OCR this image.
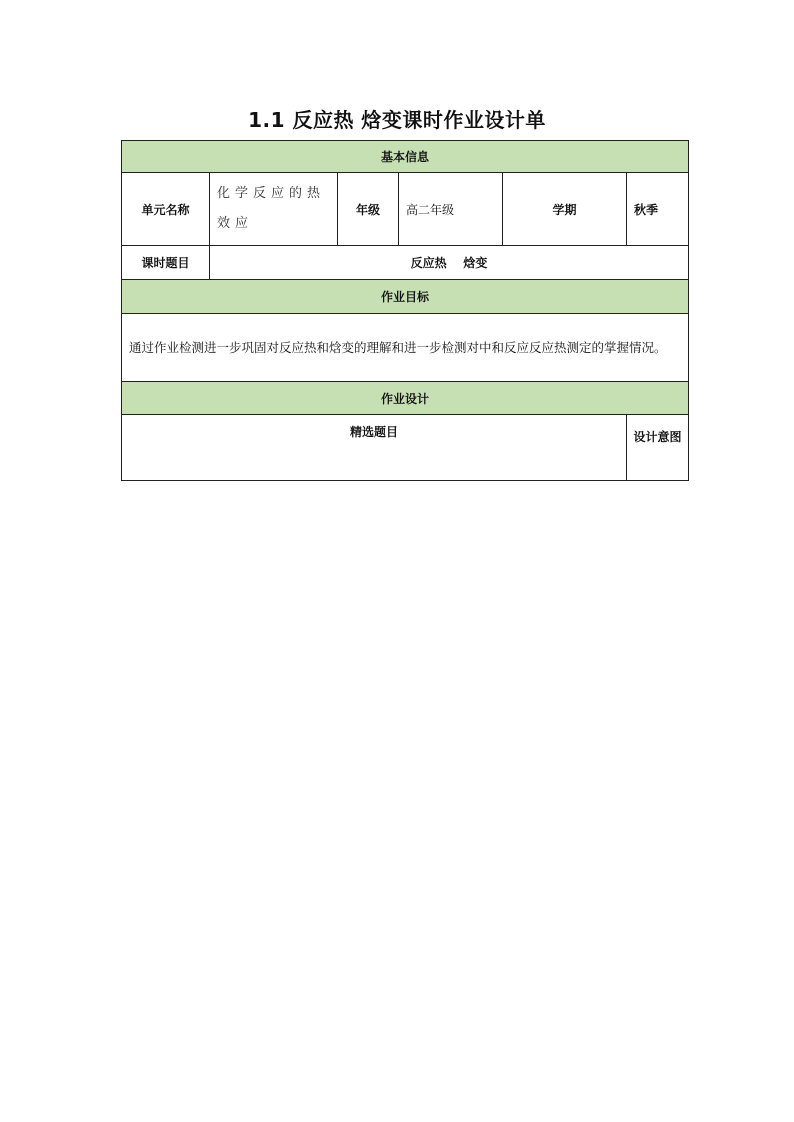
1.1 反应热 焓变课时作业设计单
基本信息					
单元名称	化学反应的热效应	年级	高二年级	学期	秋季
课时题目	反应热    焓变				
作业目标					
通过作业检测进一步巩固对反应热和焓变的理解和进一步检测对中和反应反应热测定的掌握情况。					
作业设计					
精选题目					设计意图
